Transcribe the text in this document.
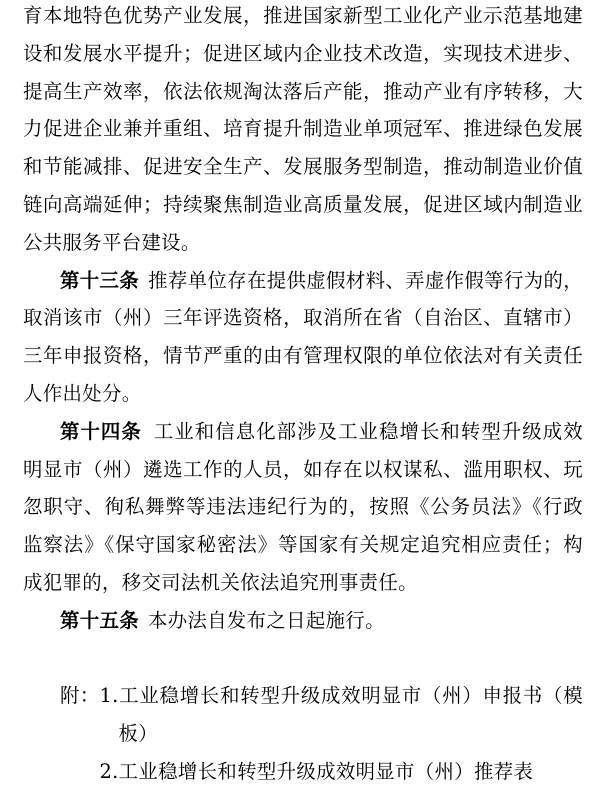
育本地特色优势产业发展，推进国家新型工业化产业示范基地建设和发展水平提升；促进区域内企业技术改造，实现技术进步、提高生产效率，依法依规淘汰落后产能，推动产业有序转移，大力促进企业兼并重组、培育提升制造业单项冠军、推进绿色发展和节能减排、促进安全生产、发展服务型制造，推动制造业价值链向高端延伸；持续聚焦制造业高质量发展，促进区域内制造业公共服务平台建设。

第十三条 推荐单位存在提供虚假材料、弄虚作假等行为的，取消该市（州）三年评选资格，取消所在省（自治区、直辖市）三年申报资格，情节严重的由有管理权限的单位依法对有关责任人作出处分。

第十四条 工业和信息化部涉及工业稳增长和转型升级成效明显市（州）遴选工作的人员，如存在以权谋私、滥用职权、玩忽职守、徇私舞弊等违法违纪行为的，按照《公务员法》《行政监察法》《保守国家秘密法》等国家有关规定追究相应责任；构成犯罪的，移交司法机关依法追究刑事责任。

第十五条 本办法自发布之日起施行。

附： 1.工业稳增长和转型升级成效明显市（州）申报书（模板）
2.工业稳增长和转型升级成效明显市（州）推荐表
